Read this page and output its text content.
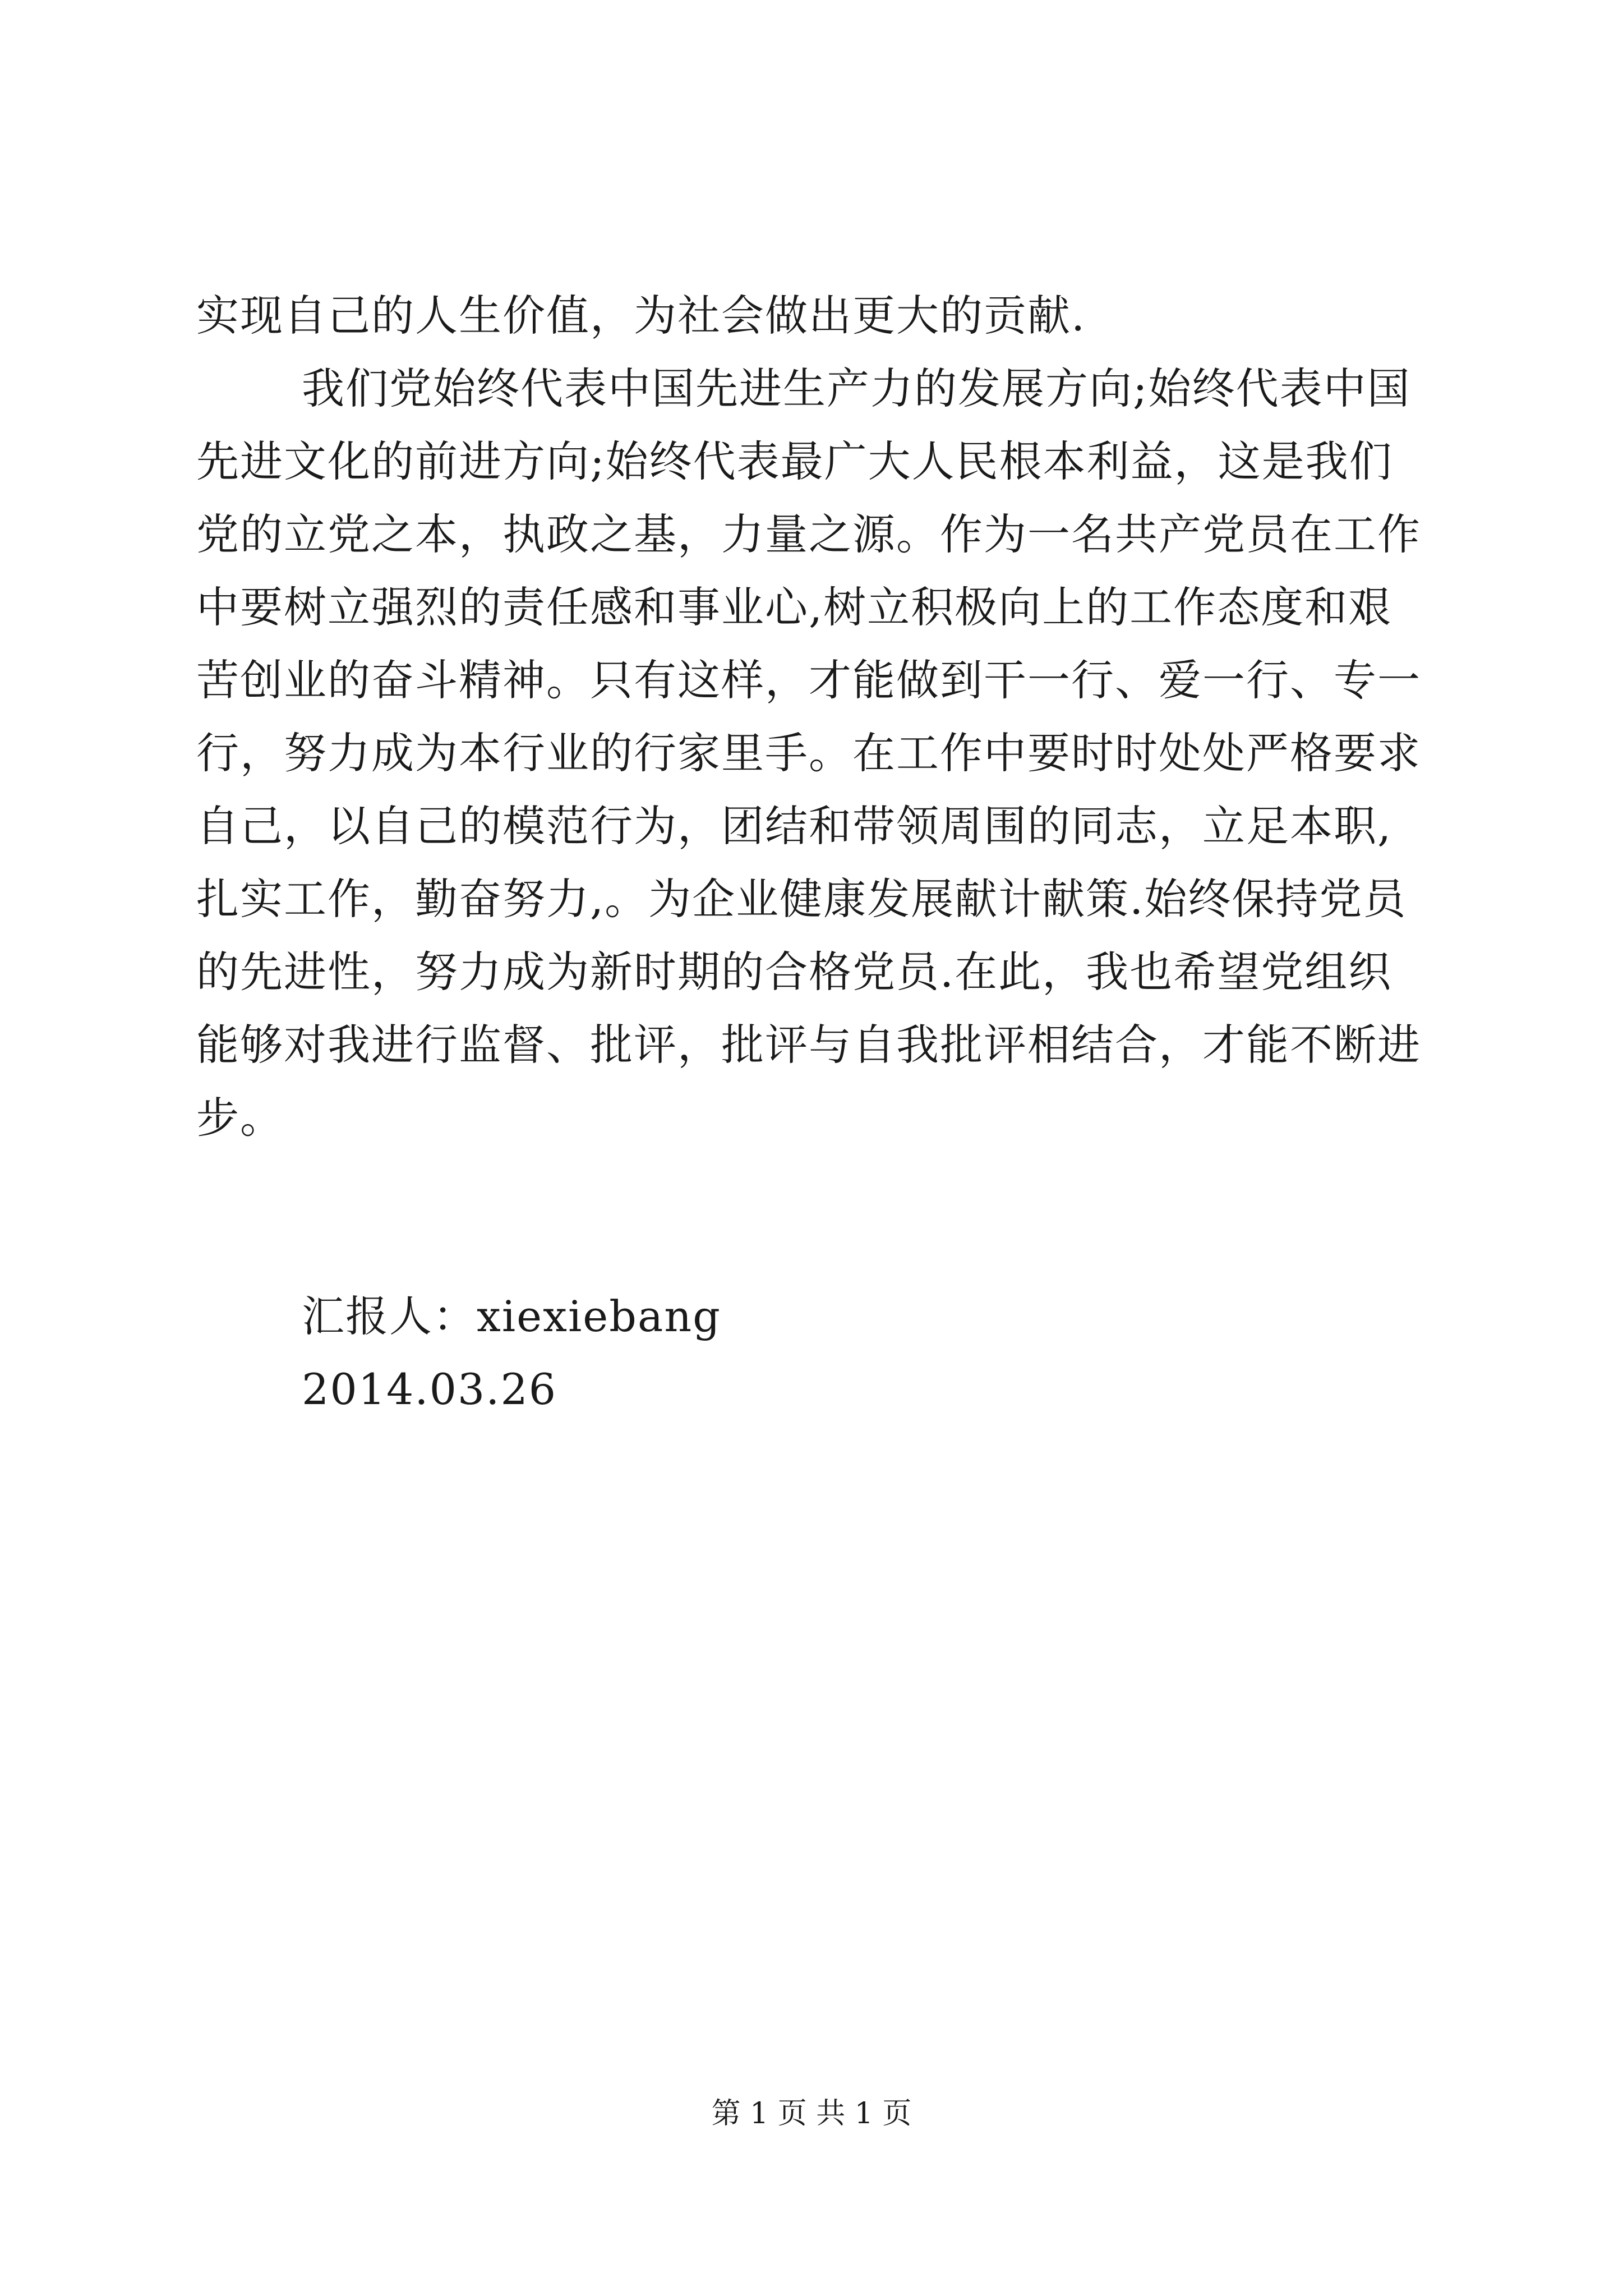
实现自己的人生价值，为社会做出更大的贡献.
我们党始终代表中国先进生产力的发展方向;始终代表中国
先进文化的前进方向;始终代表最广大人民根本利益，这是我们
党的立党之本，执政之基，力量之源。作为一名共产党员在工作
中要树立强烈的责任感和事业心,树立积极向上的工作态度和艰
苦创业的奋斗精神。只有这样，才能做到干一行、爱一行、专一
行，努力成为本行业的行家里手。在工作中要时时处处严格要求
自己，以自己的模范行为，团结和带领周围的同志，立足本职,
扎实工作，勤奋努力,。为企业健康发展献计献策.始终保持党员
的先进性，努力成为新时期的合格党员.在此，我也希望党组织
能够对我进行监督、批评，批评与自我批评相结合，才能不断进
步。
汇报人：xiexiebang
2014.03.26
第 1 页 共 1 页
